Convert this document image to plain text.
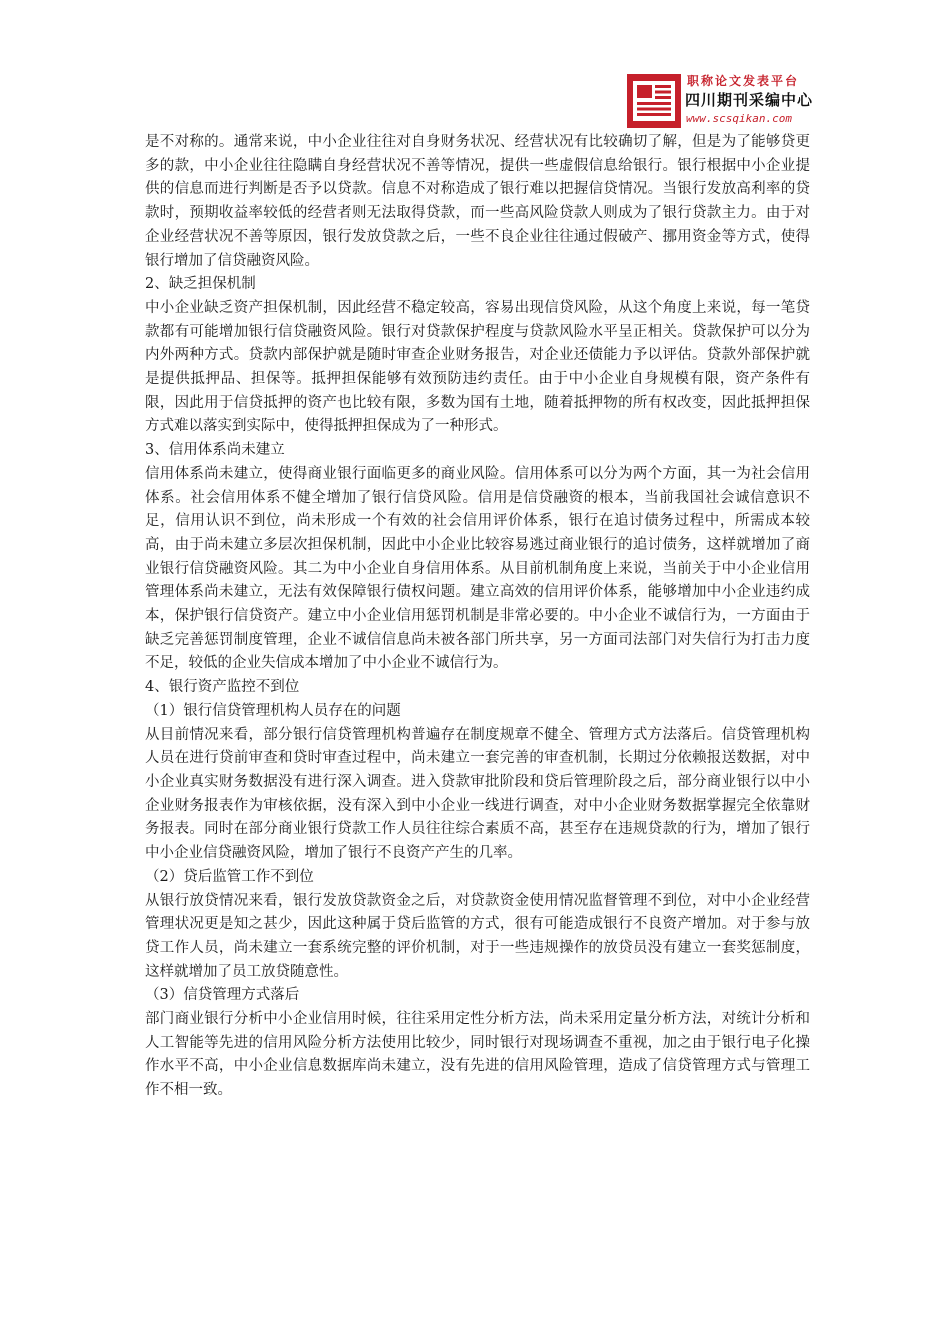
职称论文发表平台
四川期刊采编中心
www.scsqikan.com

是不对称的。通常来说，中小企业往往对自身财务状况、经营状况有比较确切了解，但是为了能够贷更多的款，中小企业往往隐瞒自身经营状况不善等情况，提供一些虚假信息给银行。银行根据中小企业提供的信息而进行判断是否予以贷款。信息不对称造成了银行难以把握信贷情况。当银行发放高利率的贷款时，预期收益率较低的经营者则无法取得贷款，而一些高风险贷款人则成为了银行贷款主力。由于对企业经营状况不善等原因，银行发放贷款之后，一些不良企业往往通过假破产、挪用资金等方式，使得银行增加了信贷融资风险。

2、缺乏担保机制

中小企业缺乏资产担保机制，因此经营不稳定较高，容易出现信贷风险，从这个角度上来说，每一笔贷款都有可能增加银行信贷融资风险。银行对贷款保护程度与贷款风险水平呈正相关。贷款保护可以分为内外两种方式。贷款内部保护就是随时审查企业财务报告，对企业还债能力予以评估。贷款外部保护就是提供抵押品、担保等。抵押担保能够有效预防违约责任。由于中小企业自身规模有限，资产条件有限，因此用于信贷抵押的资产也比较有限，多数为国有土地，随着抵押物的所有权改变，因此抵押担保方式难以落实到实际中，使得抵押担保成为了一种形式。

3、信用体系尚未建立

信用体系尚未建立，使得商业银行面临更多的商业风险。信用体系可以分为两个方面，其一为社会信用体系。社会信用体系不健全增加了银行信贷风险。信用是信贷融资的根本，当前我国社会诚信意识不足，信用认识不到位，尚未形成一个有效的社会信用评价体系，银行在追讨债务过程中，所需成本较高，由于尚未建立多层次担保机制，因此中小企业比较容易逃过商业银行的追讨债务，这样就增加了商业银行信贷融资风险。其二为中小企业自身信用体系。从目前机制角度上来说，当前关于中小企业信用管理体系尚未建立，无法有效保障银行债权问题。建立高效的信用评价体系，能够增加中小企业违约成本，保护银行信贷资产。建立中小企业信用惩罚机制是非常必要的。中小企业不诚信行为，一方面由于缺乏完善惩罚制度管理，企业不诚信信息尚未被各部门所共享，另一方面司法部门对失信行为打击力度不足，较低的企业失信成本增加了中小企业不诚信行为。

4、银行资产监控不到位

（1）银行信贷管理机构人员存在的问题

从目前情况来看，部分银行信贷管理机构普遍存在制度规章不健全、管理方式方法落后。信贷管理机构人员在进行贷前审查和贷时审查过程中，尚未建立一套完善的审查机制，长期过分依赖报送数据，对中小企业真实财务数据没有进行深入调查。进入贷款审批阶段和贷后管理阶段之后，部分商业银行以中小企业财务报表作为审核依据，没有深入到中小企业一线进行调查，对中小企业财务数据掌握完全依靠财务报表。同时在部分商业银行贷款工作人员往往综合素质不高，甚至存在违规贷款的行为，增加了银行中小企业信贷融资风险，增加了银行不良资产产生的几率。

（2）贷后监管工作不到位

从银行放贷情况来看，银行发放贷款资金之后，对贷款资金使用情况监督管理不到位，对中小企业经营管理状况更是知之甚少，因此这种属于贷后监管的方式，很有可能造成银行不良资产增加。对于参与放贷工作人员，尚未建立一套系统完整的评价机制，对于一些违规操作的放贷员没有建立一套奖惩制度，这样就增加了员工放贷随意性。

（3）信贷管理方式落后

部门商业银行分析中小企业信用时候，往往采用定性分析方法，尚未采用定量分析方法，对统计分析和人工智能等先进的信用风险分析方法使用比较少，同时银行对现场调查不重视，加之由于银行电子化操作水平不高，中小企业信息数据库尚未建立，没有先进的信用风险管理，造成了信贷管理方式与管理工作不相一致。
